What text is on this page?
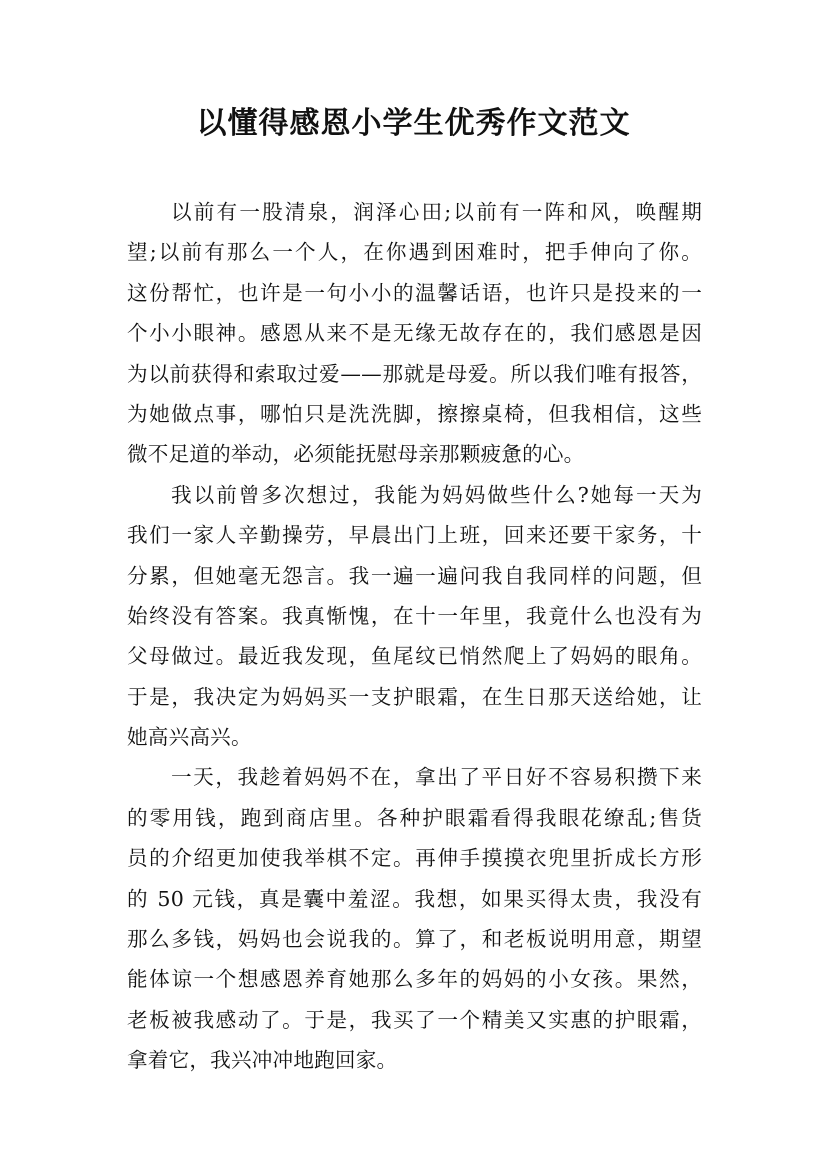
以懂得感恩小学生优秀作文范文
以前有一股清泉，润泽心田;以前有一阵和风，唤醒期
望;以前有那么一个人，在你遇到困难时，把手伸向了你。
这份帮忙，也许是一句小小的温馨话语，也许只是投来的一
个小小眼神。感恩从来不是无缘无故存在的，我们感恩是因
为以前获得和索取过爱——那就是母爱。所以我们唯有报答，
为她做点事，哪怕只是洗洗脚，擦擦桌椅，但我相信，这些
微不足道的举动，必须能抚慰母亲那颗疲惫的心。
我以前曾多次想过，我能为妈妈做些什么?她每一天为
我们一家人辛勤操劳，早晨出门上班，回来还要干家务，十
分累，但她毫无怨言。我一遍一遍问我自我同样的问题，但
始终没有答案。我真惭愧，在十一年里，我竟什么也没有为
父母做过。最近我发现，鱼尾纹已悄然爬上了妈妈的眼角。
于是，我决定为妈妈买一支护眼霜，在生日那天送给她，让
她高兴高兴。
一天，我趁着妈妈不在，拿出了平日好不容易积攒下来
的零用钱，跑到商店里。各种护眼霜看得我眼花缭乱;售货
员的介绍更加使我举棋不定。再伸手摸摸衣兜里折成长方形
的 50 元钱，真是囊中羞涩。我想，如果买得太贵，我没有
那么多钱，妈妈也会说我的。算了，和老板说明用意，期望
能体谅一个想感恩养育她那么多年的妈妈的小女孩。果然，
老板被我感动了。于是，我买了一个精美又实惠的护眼霜，
拿着它，我兴冲冲地跑回家。
